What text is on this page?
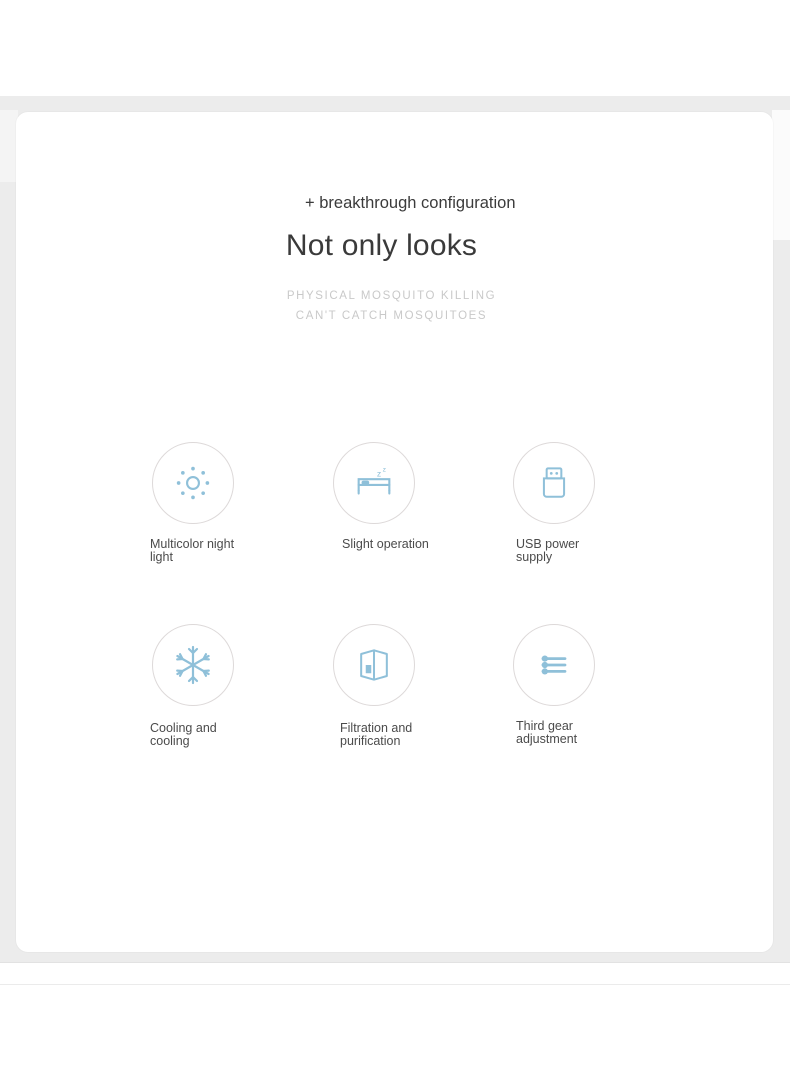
+ breakthrough configuration
Not only looks
PHYSICAL MOSQUITO KILLING
CAN'T CATCH MOSQUITOES
Multicolor night light
z z
Slight operation	USB power supply
Cooling and cooling
Filtration and purification
Third gear adjustment
